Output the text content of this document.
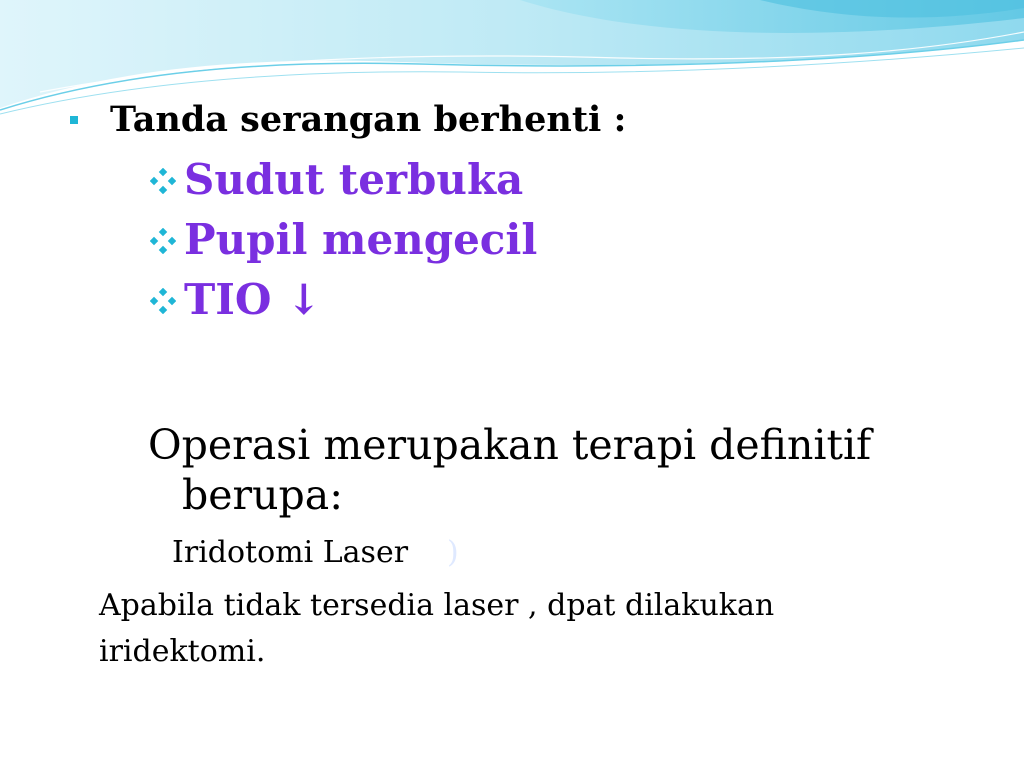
Tanda serangan berhenti :
Sudut terbuka
Pupil mengecil
TIO ↓
Operasi merupakan terapi definitif
berupa:
Iridotomi Laser )
Apabila tidak tersedia laser , dpat dilakukan
iridektomi.
